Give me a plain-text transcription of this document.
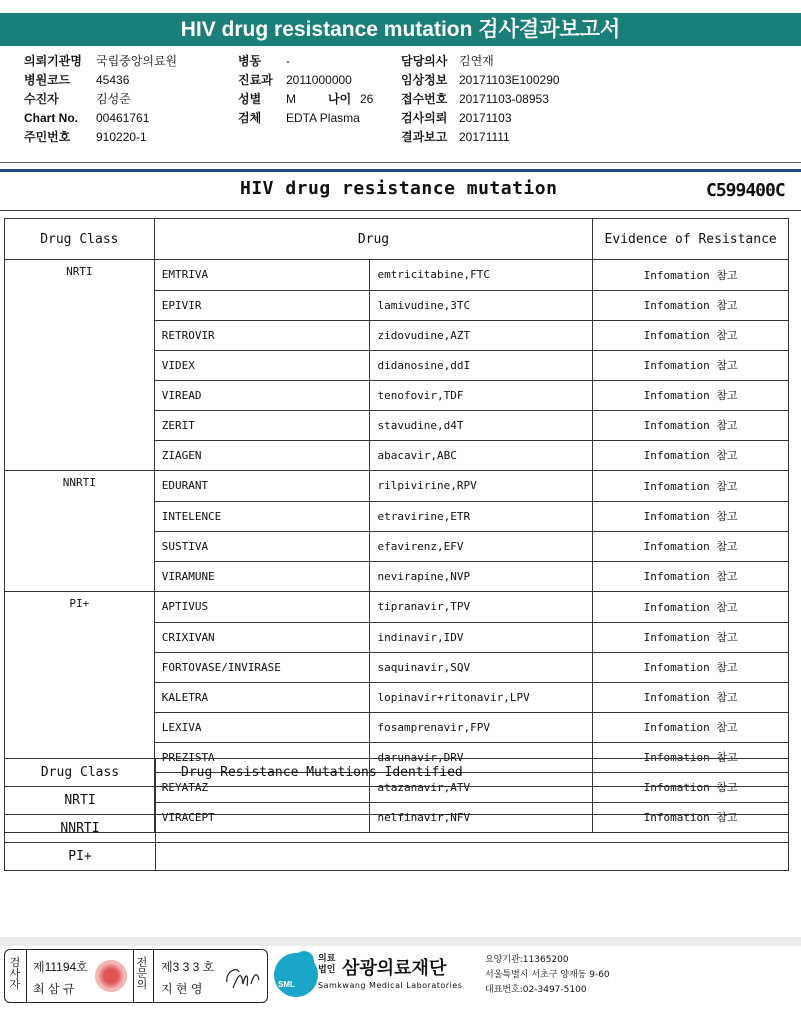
HIV drug resistance mutation 검사결과보고서
의뢰기관명 국립중앙의료원
병원코드 45436
수진자	김성준
Chart No. 00461761
주민번호 910220-1
병동 -
진료과 2011000000
성별 M	나이 26
검체 EDTA Plasma
담당의사 김연재
임상정보 20171103E100290
접수번호 20171103-08953
검사의뢰 20171103
결과보고 20171111
HIV drug resistance mutation	C599400C
Drug Class	Drug		Evidence of Resistance
NRTI	EMTRIVA	emtricitabine,FTC	Infomation 참고
	EPIVIR	lamivudine,3TC	Infomation 참고
	RETROVIR	zidovudine,AZT	Infomation 참고
	VIDEX	didanosine,ddI	Infomation 참고
	VIREAD	tenofovir,TDF	Infomation 참고
	ZERIT	stavudine,d4T	Infomation 참고
	ZIAGEN	abacavir,ABC	Infomation 참고
NNRTI	EDURANT	rilpivirine,RPV	Infomation 참고
	INTELENCE	etravirine,ETR	Infomation 참고
	SUSTIVA	efavirenz,EFV	Infomation 참고
	VIRAMUNE	nevirapine,NVP	Infomation 참고
PI+	APTIVUS	tipranavir,TPV	Infomation 참고
	CRIXIVAN	indinavir,IDV	Infomation 참고
	FORTOVASE/INVIRASE	saquinavir,SQV	Infomation 참고
	KALETRA	lopinavir+ritonavir,LPV	Infomation 참고
	LEXIVA	fosamprenavir,FPV	Infomation 참고
	PREZISTA	darunavir,DRV	Infomation 참고
	REYATAZ	atazanavir,ATV	Infomation 참고
	VIRACEPT	nelfinavir,NFV	Infomation 참고
Drug Class	Drug Resistance Mutations Identified
NRTI	
NNRTI	
PI+	
검사자
제11194호
최 삼 규
전문의
제3 3 3 호
지 현 영	SML
의료법인 삼광의료재단
Samkwang Medical Laboratories
요양기관:11365200
서울특별시 서초구 양재동 9-60
대표번호:02-3497-5100
